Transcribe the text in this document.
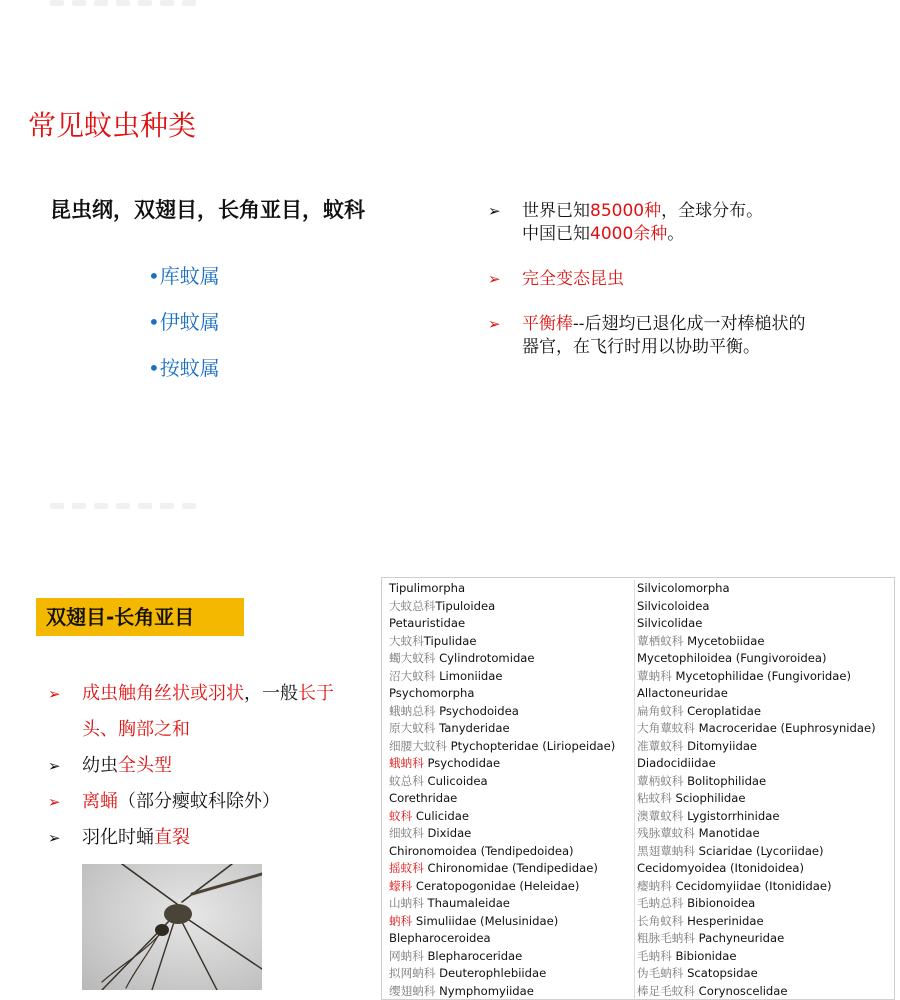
常见蚊虫种类
昆虫纲，双翅目，长角亚目，蚊科
•库蚊属
•伊蚊属
•按蚊属
➢ 世界已知85000种，全球分布。
中国已知4000余种。
➢ 完全变态昆虫
➢ 平衡棒--后翅均已退化成一对棒槌状的器官，在飞行时用以协助平衡。
双翅目-长角亚目
➢ 成虫触角丝状或羽状，一般长于头、胸部之和
➢ 幼虫全头型
➢ 离蛹（部分瘿蚊科除外）
➢ 羽化时蛹直裂
Tipulimorpha
大蚊总科Tipuloidea
Petauristidae
大蚊科Tipulidae
蠋大蚊科 Cylindrotomidae
沼大蚊科 Limoniidae
Psychomorpha
蛾蚋总科 Psychodoidea
原大蚊科 Tanyderidae
细腰大蚊科 Ptychopteridae (Liriopeidae)
蛾蚋科 Psychodidae
蚊总科 Culicoidea
Corethridae
蚊科 Culicidae
细蚊科 Dixidae
Chironomoidea (Tendipedoidea)
摇蚊科 Chironomidae (Tendipedidae)
蠓科 Ceratopogonidae (Heleidae)
山蚋科 Thaumaleidae
蚋科 Simuliidae (Melusinidae)
Blepharoceroidea
网蚋科 Blepharoceridae
拟网蚋科 Deuterophlebiidae
缨翅蚋科 Nymphomyiidae
Silvicolomorpha
Silvicoloidea
Silvicolidae
蕈栖蚊科 Mycetobiidae
Mycetophiloidea (Fungivoroidea)
蕈蚋科 Mycetophilidae (Fungivoridae)
Allactoneuridae
扁角蚊科 Ceroplatidae
大角蕈蚊科 Macroceridae (Euphrosynidae)
准蕈蚊科 Ditomyiidae
Diadocidiidae
蕈柄蚊科 Bolitophilidae
粘蚊科 Sciophilidae
澳蕈蚊科 Lygistorrhinidae
残脉蕈蚊科 Manotidae
黑翅蕈蚋科 Sciaridae (Lycoriidae)
Cecidomyoidea (Itonidoidea)
瘿蚋科 Cecidomyiidae (Itonididae)
毛蚋总科 Bibionoidea
长角蚊科 Hesperinidae
粗脉毛蚋科 Pachyneuridae
毛蚋科 Bibionidae
伪毛蚋科 Scatopsidae
棒足毛蚊科 Corynoscelidae
